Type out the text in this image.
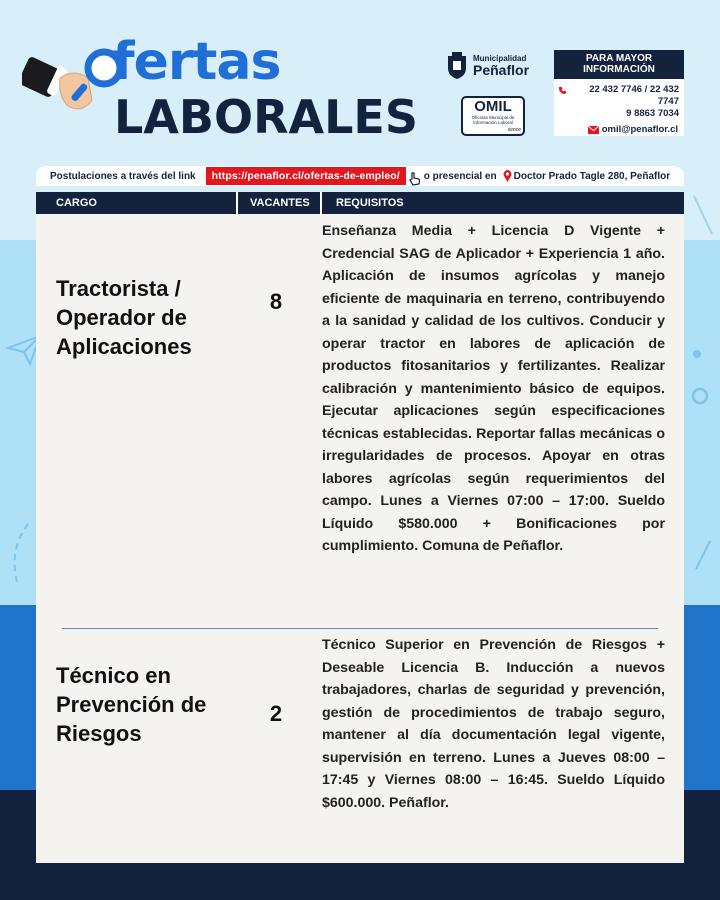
fertas
LABORALES
Municipalidad
Peñaflor
OMIL
Oficinas Municipal de Información Laboral
sence
PARA MAYOR INFORMACIÓN
22 432 7746 / 22 432 7747
9 8863 7034
omil@penaflor.cl
Postulaciones a través del link	https://penaflor.cl/ofertas-de-empleo/	o presencial en Doctor Prado Tagle 280, Peñaflor
CARGO	VACANTES REQUISITOS
Tractorista / Operador de Aplicaciones
8
Enseñanza Media + Licencia D Vigente + Credencial SAG de Aplicador + Experiencia 1 año. Aplicación de insumos agrícolas y manejo eficiente de maquinaria en terreno, contribuyendo a la sanidad y calidad de los cultivos. Conducir y operar tractor en labores de aplicación de productos fitosanitarios y fertilizantes. Realizar calibración y mantenimiento básico de equipos. Ejecutar aplicaciones según especificaciones técnicas establecidas. Reportar fallas mecánicas o irregularidades de procesos. Apoyar en otras labores agrícolas según requerimientos del campo. Lunes a Viernes 07:00 – 17:00. Sueldo Líquido $580.000 + Bonificaciones por cumplimiento. Comuna de Peñaflor.
Técnico en Prevención de Riesgos
2
Técnico Superior en Prevención de Riesgos + Deseable Licencia B. Inducción a nuevos trabajadores, charlas de seguridad y prevención, gestión de procedimientos de trabajo seguro, mantener al día documentación legal vigente, supervisión en terreno. Lunes a Jueves 08:00 – 17:45 y Viernes 08:00 – 16:45. Sueldo Líquido $600.000. Peñaflor.
